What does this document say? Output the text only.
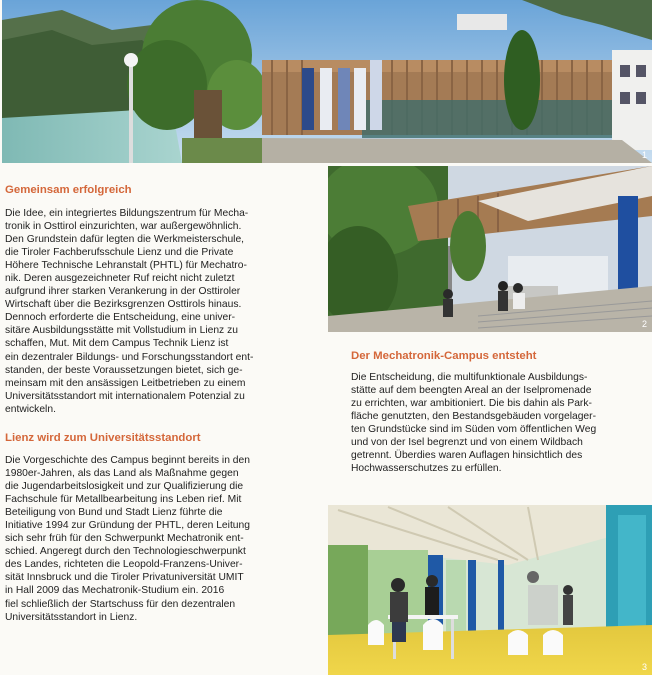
1
2
3
Gemeinsam erfolgreich
Die Idee, ein integriertes Bildungszentrum für Mecha-
tronik in Osttirol einzurichten, war außergewöhnlich.
Den Grundstein dafür legten die Werkmeisterschule,
die Tiroler Fachberufsschule Lienz und die Private
Höhere Technische Lehranstalt (PHTL) für Mechatro-
nik. Deren ausgezeichneter Ruf reicht nicht zuletzt
aufgrund ihrer starken Verankerung in der Osttiroler
Wirtschaft über die Bezirksgrenzen Osttirols hinaus.
Dennoch erforderte die Entscheidung, eine univer-
sitäre Ausbildungsstätte mit Vollstudium in Lienz zu
schaffen, Mut. Mit dem Campus Technik Lienz ist
ein dezentraler Bildungs- und Forschungsstandort ent-
standen, der beste Voraussetzungen bietet, sich ge-
meinsam mit den ansässigen Leitbetrieben zu einem
Universitätsstandort mit internationalem Potenzial zu
entwickeln.
Lienz wird zum Universitätsstandort
Die Vorgeschichte des Campus beginnt bereits in den
1980er-Jahren, als das Land als Maßnahme gegen
die Jugendarbeitslosigkeit und zur Qualifizierung die
Fachschule für Metallbearbeitung ins Leben rief. Mit
Beteiligung von Bund und Stadt Lienz führte die
Initiative 1994 zur Gründung der PHTL, deren Leitung
sich sehr früh für den Schwerpunkt Mechatronik ent-
schied. Angeregt durch den Technologieschwerpunkt
des Landes, richteten die Leopold-Franzens-Univer-
sität Innsbruck und die Tiroler Privatuniversität UMIT
in Hall 2009 das Mechatronik-Studium ein. 2016
fiel schließlich der Startschuss für den dezentralen
Universitätsstandort in Lienz.
Der Mechatronik-Campus entsteht
Die Entscheidung, die multifunktionale Ausbildungs-
stätte auf dem beengten Areal an der Iselpromenade
zu errichten, war ambitioniert. Die bis dahin als Park-
fläche genutzten, den Bestandsgebäuden vorgelager-
ten Grundstücke sind im Süden vom öffentlichen Weg
und von der Isel begrenzt und von einem Wildbach
getrennt. Überdies waren Auflagen hinsichtlich des
Hochwasserschutzes zu erfüllen.
